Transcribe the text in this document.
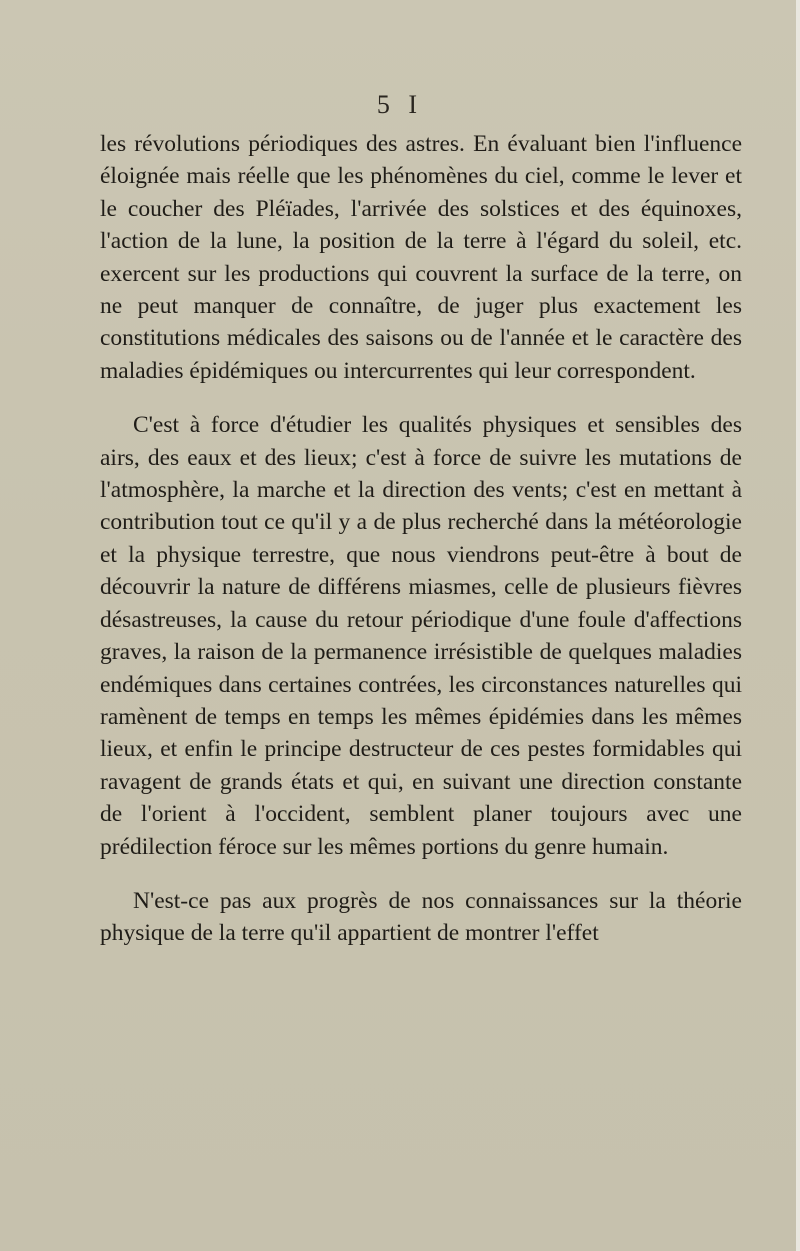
5 I

les révolutions périodiques des astres. En évaluant bien l'influence éloignée mais réelle que les phénomènes du ciel, comme le lever et le coucher des Pléïades, l'arrivée des solstices et des équinoxes, l'action de la lune, la position de la terre à l'égard du soleil, etc. exercent sur les productions qui couvrent la surface de la terre, on ne peut manquer de connaître, de juger plus exactement les constitutions médicales des saisons ou de l'année et le caractère des maladies épidémiques ou intercurrentes qui leur correspondent.

C'est à force d'étudier les qualités physiques et sensibles des airs, des eaux et des lieux; c'est à force de suivre les mutations de l'atmosphère, la marche et la direction des vents; c'est en mettant à contribution tout ce qu'il y a de plus recherché dans la météorologie et la physique terrestre, que nous viendrons peut-être à bout de découvrir la nature de différens miasmes, celle de plusieurs fièvres désastreuses, la cause du retour périodique d'une foule d'affections graves, la raison de la permanence irrésistible de quelques maladies endémiques dans certaines contrées, les circonstances naturelles qui ramènent de temps en temps les mêmes épidémies dans les mêmes lieux, et enfin le principe destructeur de ces pestes formidables qui ravagent de grands états et qui, en suivant une direction constante de l'orient à l'occident, semblent planer toujours avec une prédilection féroce sur les mêmes portions du genre humain.

N'est-ce pas aux progrès de nos connaissances sur la théorie physique de la terre qu'il appartient de montrer l'effet
